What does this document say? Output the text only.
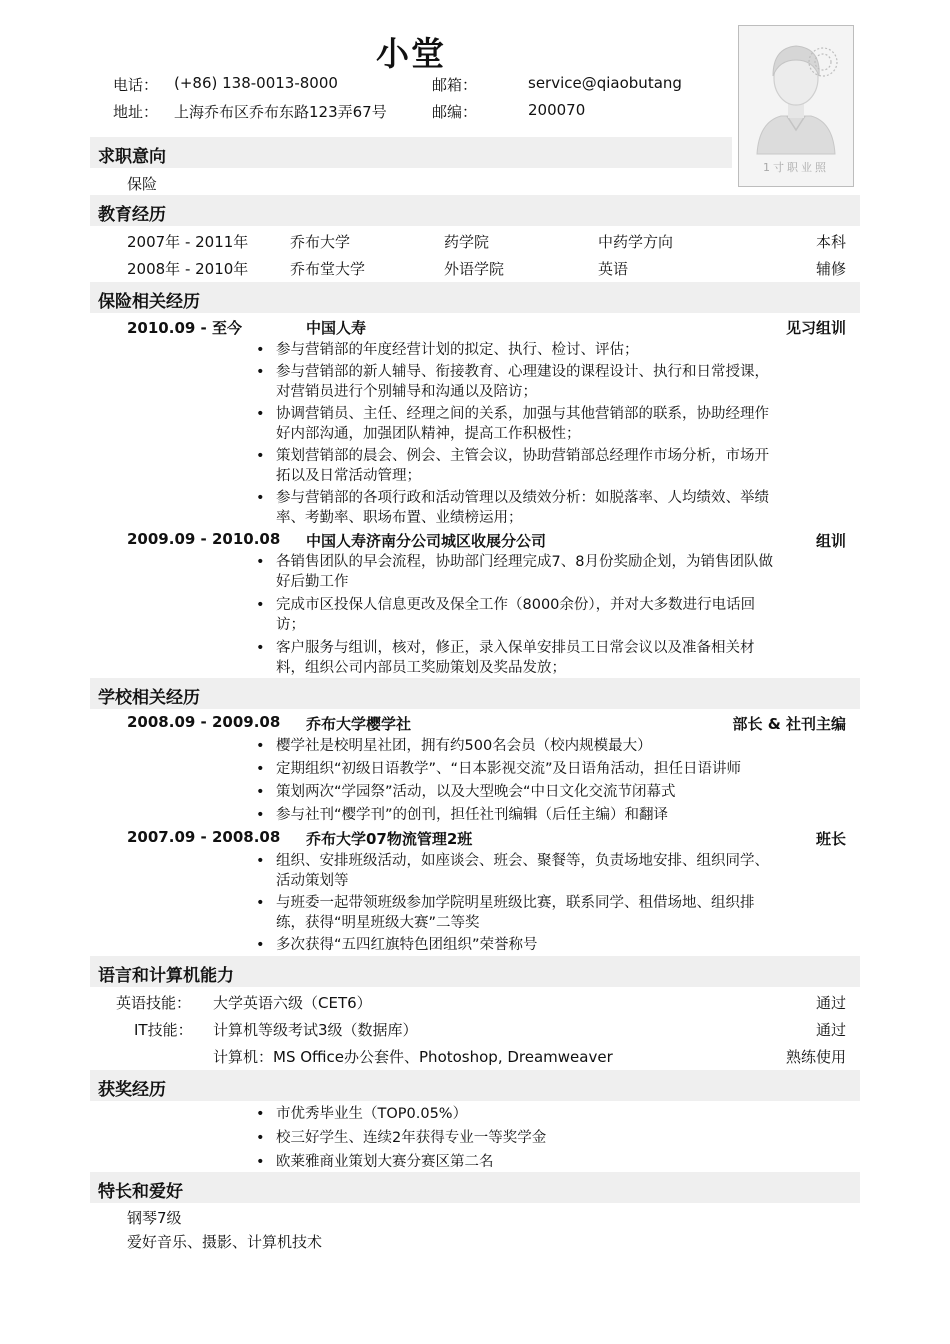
小堂
电话： (+86) 138-0013-8000	邮箱：	service@qiaobutang
地址： 上海乔布区乔布东路123弄67号	邮编：	200070
1寸职业照
求职意向
保险
教育经历
2007年 - 2011年	乔布大学	药学院	中药学方向	本科
2008年 - 2010年	乔布堂大学	外语学院	英语	辅修
保险相关经历
2010.09 - 至今	中国人寿	见习组训
• 参与营销部的年度经营计划的拟定、执行、检讨、评估；
• 参与营销部的新人辅导、衔接教育、心理建设的课程设计、执行和日常授课，
对营销员进行个别辅导和沟通以及陪访；
• 协调营销员、主任、经理之间的关系，加强与其他营销部的联系，协助经理作
好内部沟通，加强团队精神，提高工作积极性；
• 策划营销部的晨会、例会、主管会议，协助营销部总经理作市场分析，市场开
拓以及日常活动管理；
• 参与营销部的各项行政和活动管理以及绩效分析：如脱落率、人均绩效、举绩
率、考勤率、职场布置、业绩榜运用；
2009.09 - 2010.08 中国人寿济南分公司城区收展分公司	组训
• 各销售团队的早会流程，协助部门经理完成7、8月份奖励企划，为销售团队做
好后勤工作
• 完成市区投保人信息更改及保全工作（8000余份），并对大多数进行电话回
访；
• 客户服务与组训，核对，修正，录入保单安排员工日常会议以及准备相关材
料，组织公司内部员工奖励策划及奖品发放；
学校相关经历
2008.09 - 2009.08 乔布大学樱学社	部长 & 社刊主编
• 樱学社是校明星社团，拥有约500名会员（校内规模最大）
• 定期组织“初级日语教学”、“日本影视交流”及日语角活动，担任日语讲师
• 策划两次“学园祭”活动，以及大型晚会“中日文化交流节闭幕式
• 参与社刊“樱学刊”的创刊，担任社刊编辑（后任主编）和翻译
2007.09 - 2008.08 乔布大学07物流管理2班	班长
• 组织、安排班级活动，如座谈会、班会、聚餐等，负责场地安排、组织同学、
活动策划等
• 与班委一起带领班级参加学院明星班级比赛，联系同学、租借场地、组织排
练，获得“明星班级大赛”二等奖
• 多次获得“五四红旗特色团组织”荣誉称号
语言和计算机能力
英语技能： 大学英语六级（CET6）	通过
IT技能： 计算机等级考试3级（数据库）	通过
计算机：MS Office办公套件、Photoshop, Dreamweaver	熟练使用
获奖经历
• 市优秀毕业生（TOP0.05%）
• 校三好学生、连续2年获得专业一等奖学金
• 欧莱雅商业策划大赛分赛区第二名
特长和爱好
钢琴7级
爱好音乐、摄影、计算机技术
